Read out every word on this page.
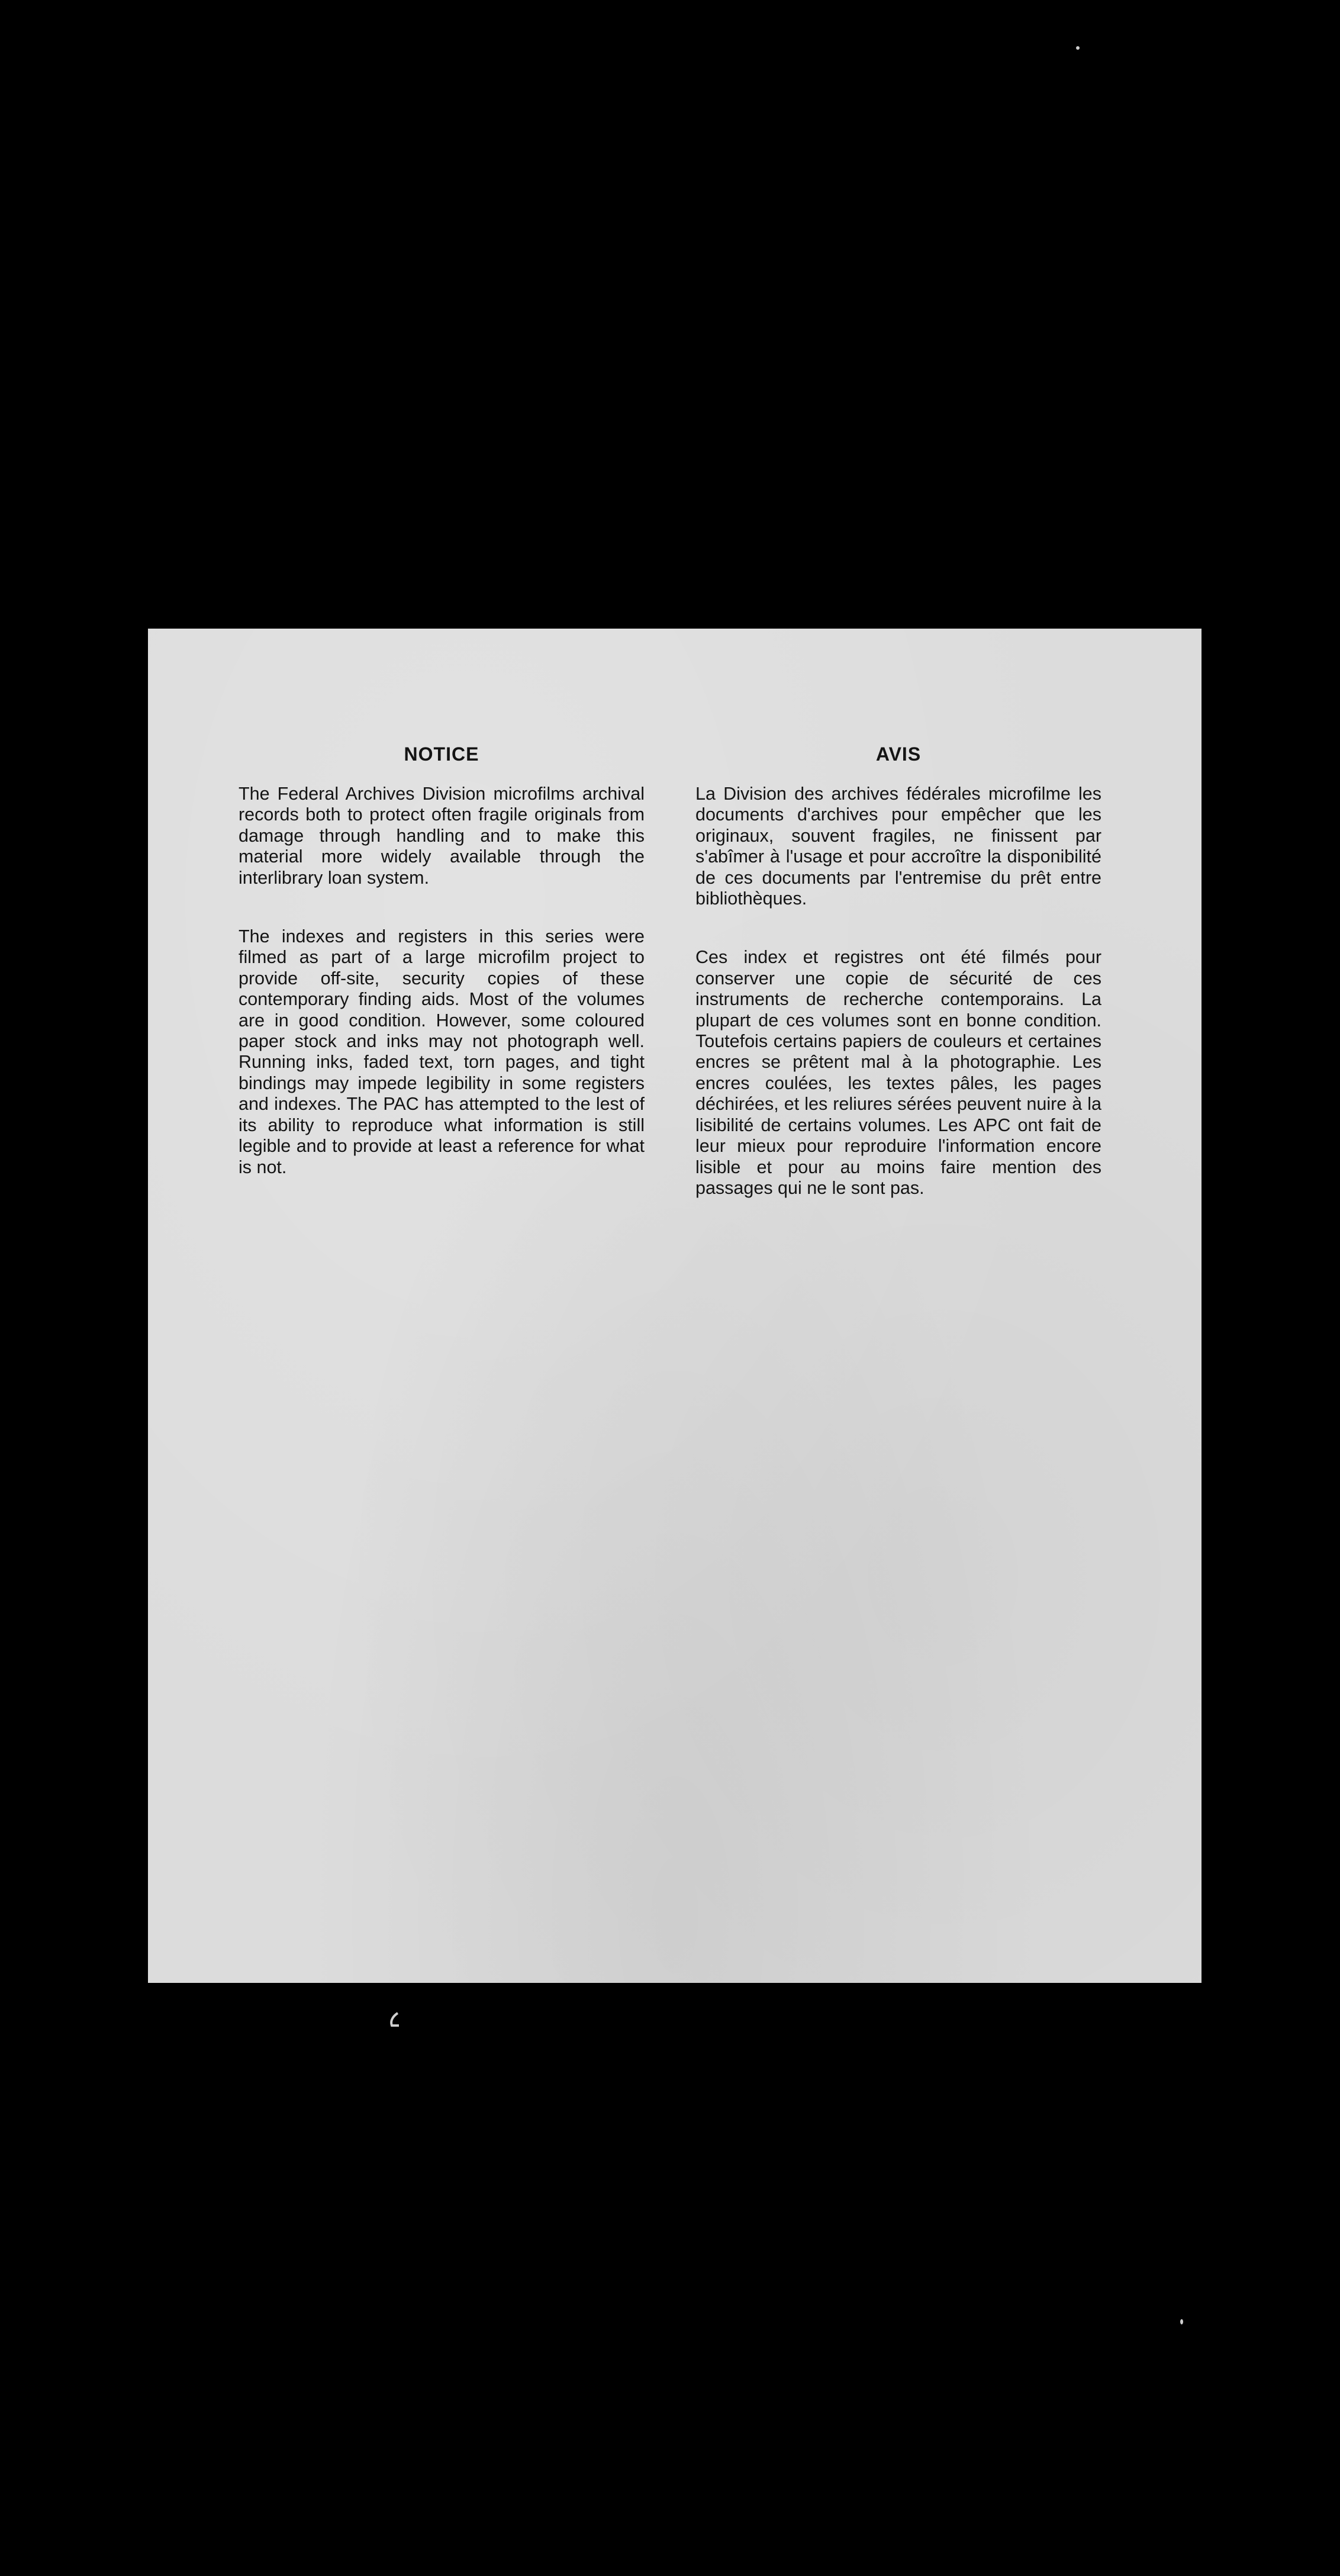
NOTICE

The Federal Archives Division microfilms archival records both to protect often fragile originals from damage through handling and to make this material more widely available through the interlibrary loan system.

The indexes and registers in this series were filmed as part of a large microfilm project to provide off-site, security copies of these contemporary finding aids. Most of the volumes are in good condition. However, some coloured paper stock and inks may not photograph well. Running inks, faded text, torn pages, and tight bindings may impede legibility in some registers and indexes. The PAC has attempted to the lest of its ability to reproduce what information is still legible and to provide at least a reference for what is not.

AVIS

La Division des archives fédérales microfilme les documents d'archives pour empêcher que les originaux, souvent fragiles, ne finissent par s'abîmer à l'usage et pour accroître la disponibilité de ces documents par l'entremise du prêt entre bibliothèques.

Ces index et registres ont été filmés pour conserver une copie de sécurité de ces instruments de recherche contemporains. La plupart de ces volumes sont en bonne condition. Toutefois certains papiers de couleurs et certaines encres se prêtent mal à la photographie. Les encres coulées, les textes pâles, les pages déchirées, et les reliures sérées peuvent nuire à la lisibilité de certains volumes. Les APC ont fait de leur mieux pour reproduire l'information encore lisible et pour au moins faire mention des passages qui ne le sont pas.
